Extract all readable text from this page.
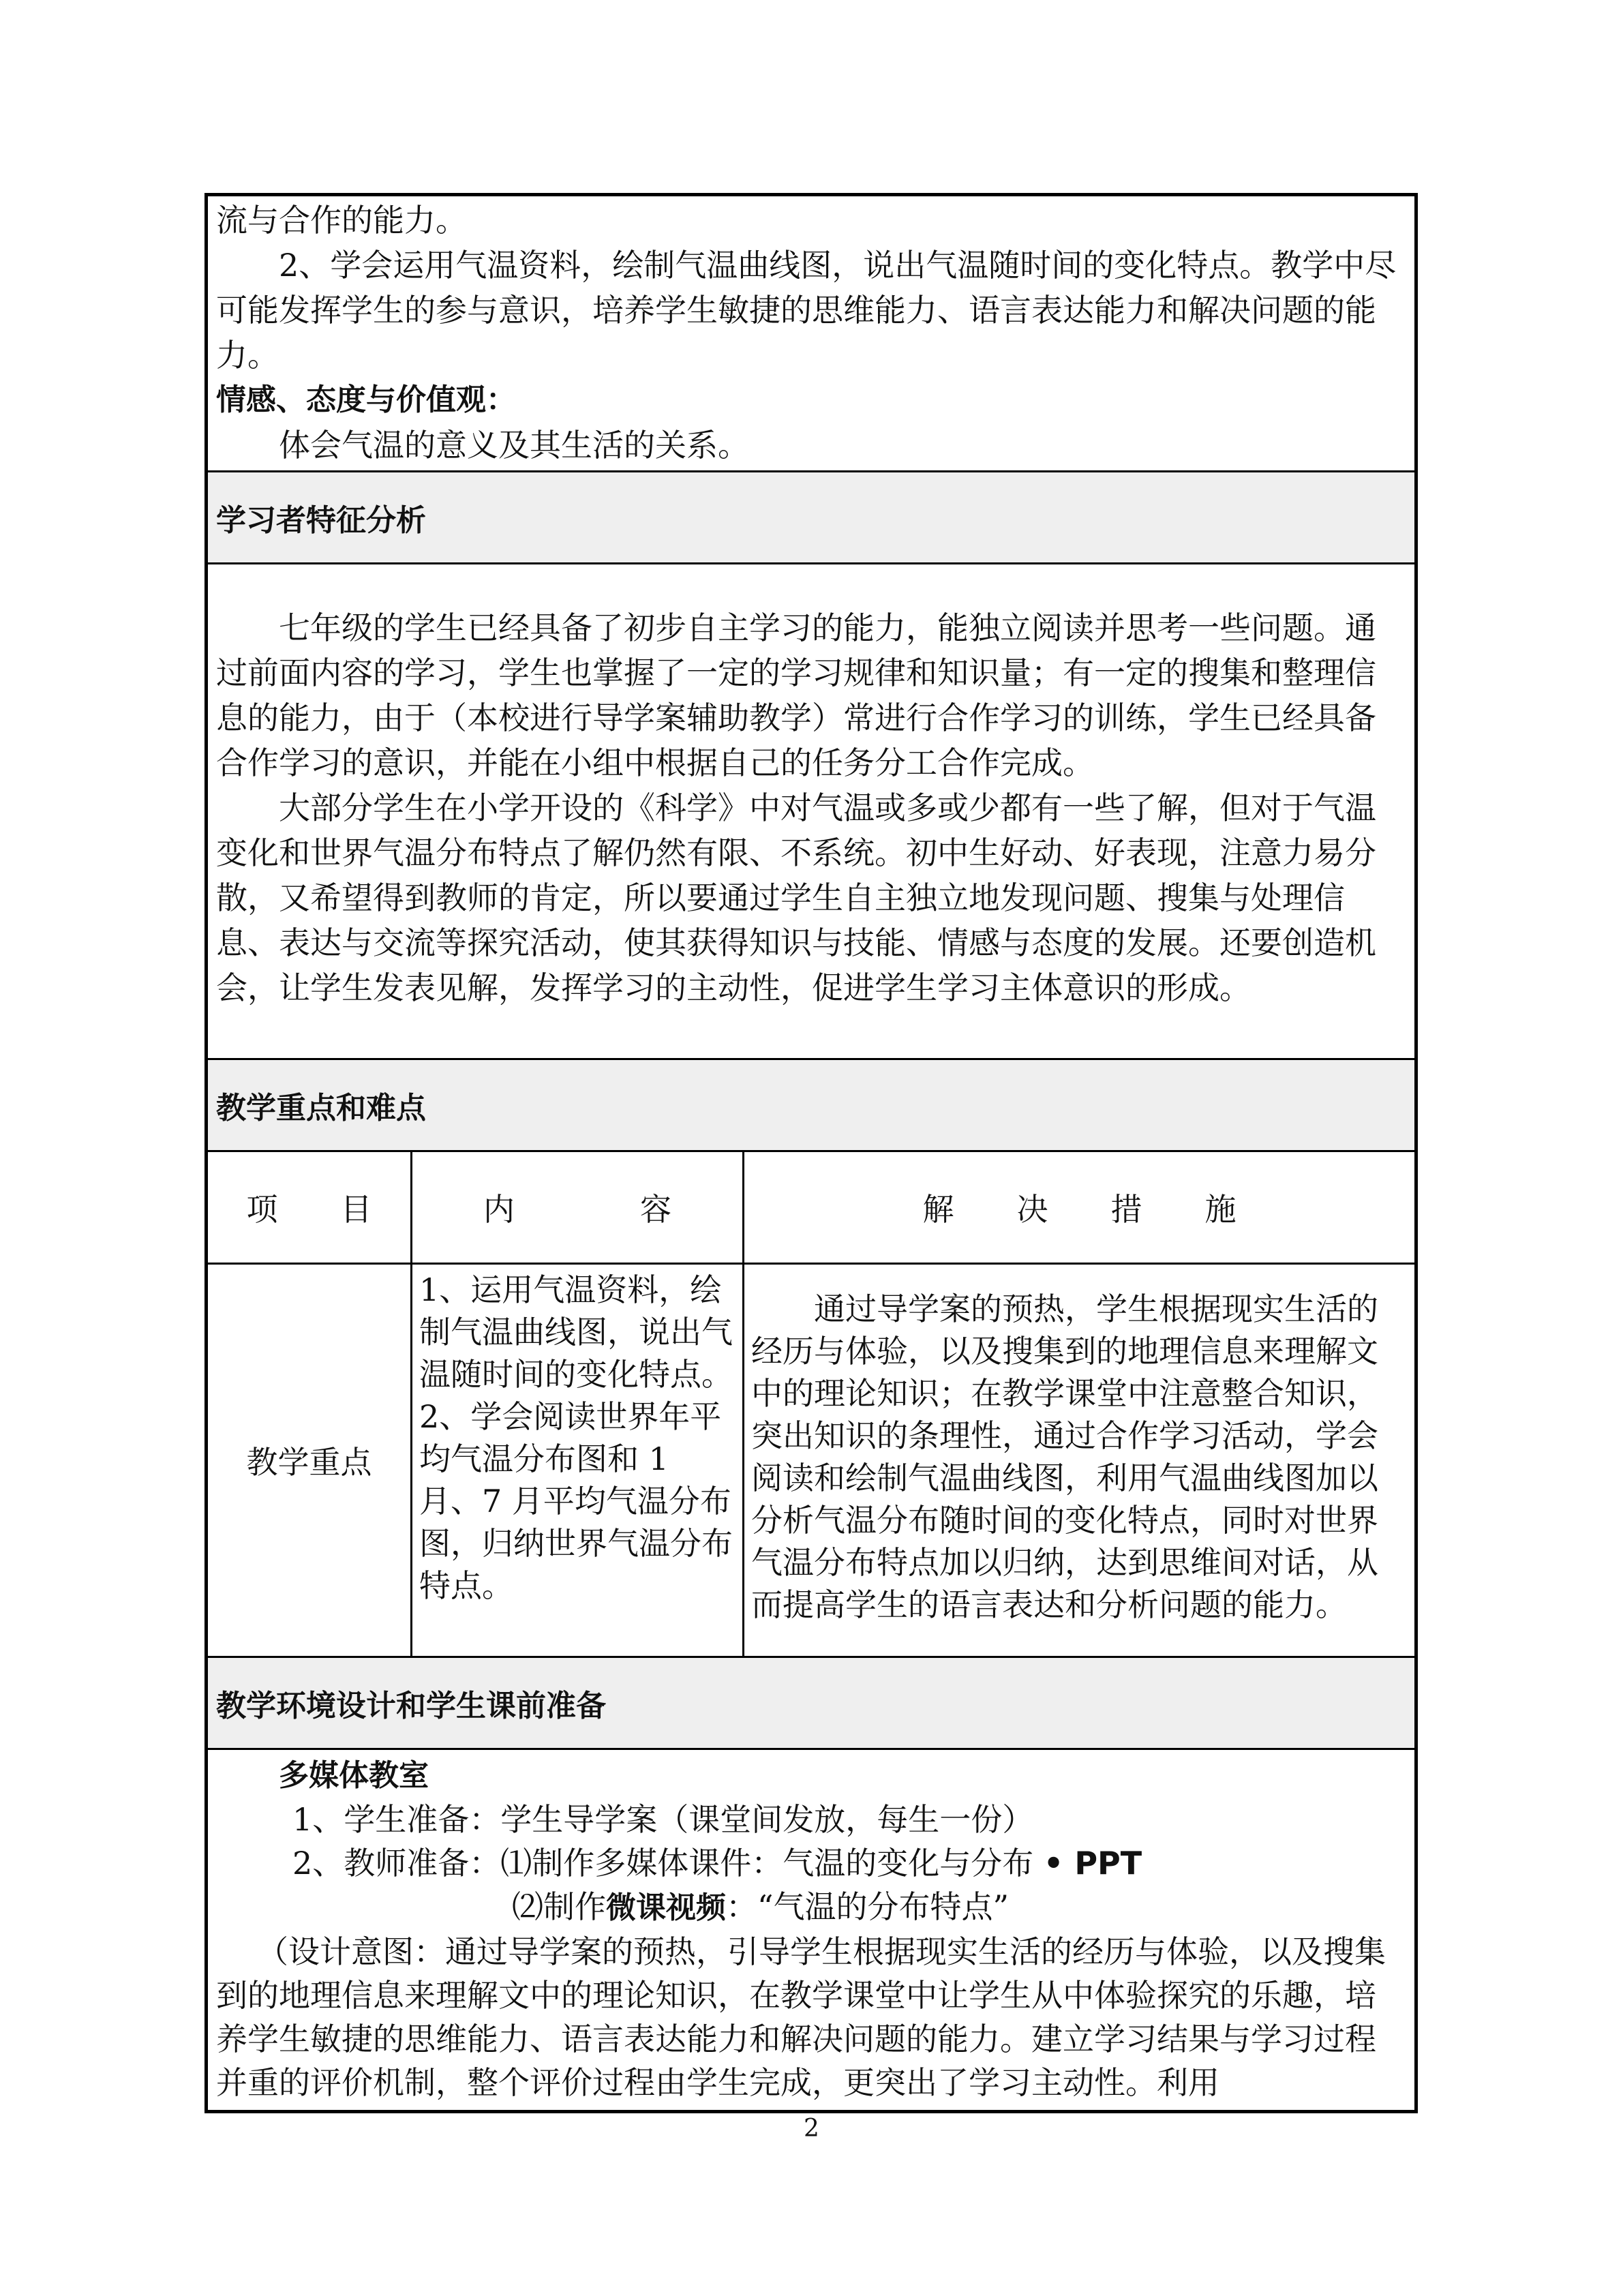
流与合作的能力。

2、学会运用气温资料，绘制气温曲线图，说出气温随时间的变化特点。教学中尽可能发挥学生的参与意识，培养学生敏捷的思维能力、语言表达能力和解决问题的能力。

情感、态度与价值观：

体会气温的意义及其生活的关系。

学习者特征分析

七年级的学生已经具备了初步自主学习的能力，能独立阅读并思考一些问题。通过前面内容的学习，学生也掌握了一定的学习规律和知识量；有一定的搜集和整理信息的能力，由于（本校进行导学案辅助教学）常进行合作学习的训练，学生已经具备合作学习的意识，并能在小组中根据自己的任务分工合作完成。

大部分学生在小学开设的《科学》中对气温或多或少都有一些了解，但对于气温变化和世界气温分布特点了解仍然有限、不系统。初中生好动、好表现，注意力易分散，又希望得到教师的肯定，所以要通过学生自主独立地发现问题、搜集与处理信息、表达与交流等探究活动，使其获得知识与技能、情感与态度的发展。还要创造机会，让学生发表见解，发挥学习的主动性，促进学生学习主体意识的形成。

教学重点和难点
项　　目
教学重点
内　　　　容
1、运用气温资料，绘制气温曲线图，说出气温随时间的变化特点。2、学会阅读世界年平均气温分布图和 1 月、7 月平均气温分布图，归纳世界气温分布特点。
解　　决　　措　　施
通过导学案的预热，学生根据现实生活的经历与体验，以及搜集到的地理信息来理解文中的理论知识；在教学课堂中注意整合知识，突出知识的条理性，通过合作学习活动，学会阅读和绘制气温曲线图，利用气温曲线图加以分析气温分布随时间的变化特点，同时对世界气温分布特点加以归纳，达到思维间对话，从而提高学生的语言表达和分析问题的能力。
教学环境设计和学生课前准备

多媒体教室

1、学生准备：学生导学案（课堂间发放，每生一份）

2、教师准备：⑴制作多媒体课件：气温的变化与分布 • PPT

⑵制作微课视频：“气温的分布特点”

（设计意图：通过导学案的预热，引导学生根据现实生活的经历与体验，以及搜集到的地理信息来理解文中的理论知识，在教学课堂中让学生从中体验探究的乐趣，培养学生敏捷的思维能力、语言表达能力和解决问题的能力。建立学习结果与学习过程并重的评价机制，整个评价过程由学生完成，更突出了学习主动性。利用

2
